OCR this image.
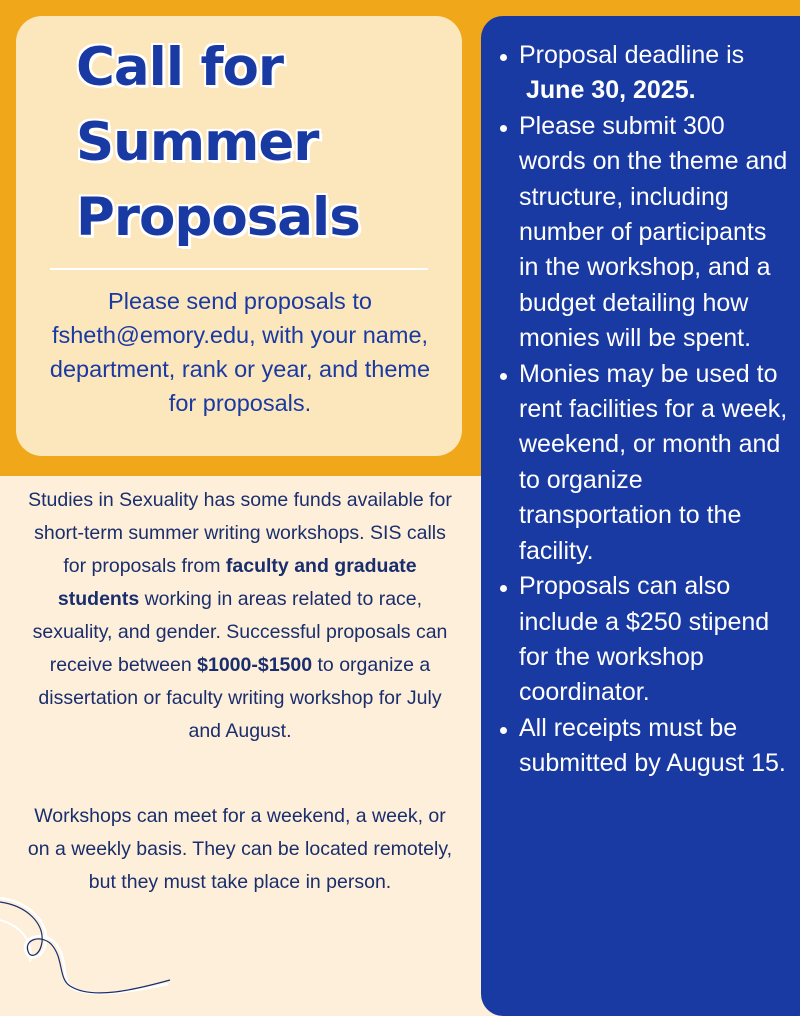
Call for
Summer
Proposals

Please send proposals to fsheth@emory.edu, with your name, department, rank or year, and theme for proposals.

Studies in Sexuality has some funds available for short-term summer writing workshops. SIS calls for proposals from faculty and graduate students working in areas related to race, sexuality, and gender. Successful proposals can receive between $1000-$1500 to organize a dissertation or faculty writing workshop for July and August.

Workshops can meet for a weekend, a week, or on a weekly basis. They can be located remotely, but they must take place in person.

Proposal deadline is
June 30, 2025.
Please submit 300 words on the theme and structure, including number of participants in the workshop, and a budget detailing how monies will be spent.
Monies may be used to rent facilities for a week, weekend, or month and to organize transportation to the facility.
Proposals can also include a $250 stipend for the workshop coordinator.
All receipts must be submitted by August 15.
